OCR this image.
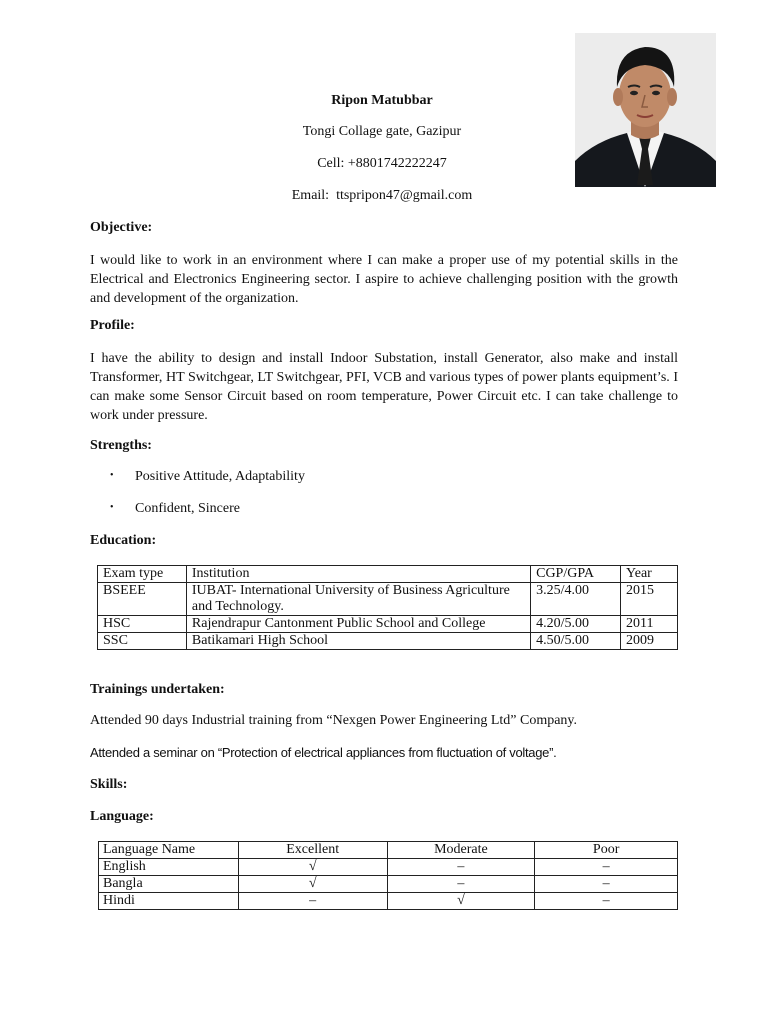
Ripon Matubbar
Tongi Collage gate, Gazipur
Cell: +8801742222247
Email: ttspripon47@gmail.com
Objective:
I would like to work in an environment where I can make a proper use of my potential skills in the Electrical and Electronics Engineering sector. I aspire to achieve challenging position with the growth and development of the organization.
Profile:
I have the ability to design and install Indoor Substation, install Generator, also make and install Transformer, HT Switchgear, LT Switchgear, PFI, VCB and various types of power plants equipment’s. I can make some Sensor Circuit based on room temperature, Power Circuit etc. I can take challenge to work under pressure.
Strengths:
• Positive Attitude, Adaptability
• Confident, Sincere
Education:
Exam type	Institution	CGP/GPA	Year
BSEEE	IUBAT- International University of Business Agriculture and Technology.	3.25/4.00	2015
HSC	Rajendrapur Cantonment Public School and College	4.20/5.00	2011
SSC	Batikamari High School	4.50/5.00	2009
Trainings undertaken:
Attended 90 days Industrial training from “Nexgen Power Engineering Ltd” Company.
Attended a seminar on “Protection of electrical appliances from fluctuation of voltage”.
Skills:
Language:
Language Name	Excellent	Moderate	Poor
English	√	–	–
Bangla	√	–	–
Hindi	–	√	–
